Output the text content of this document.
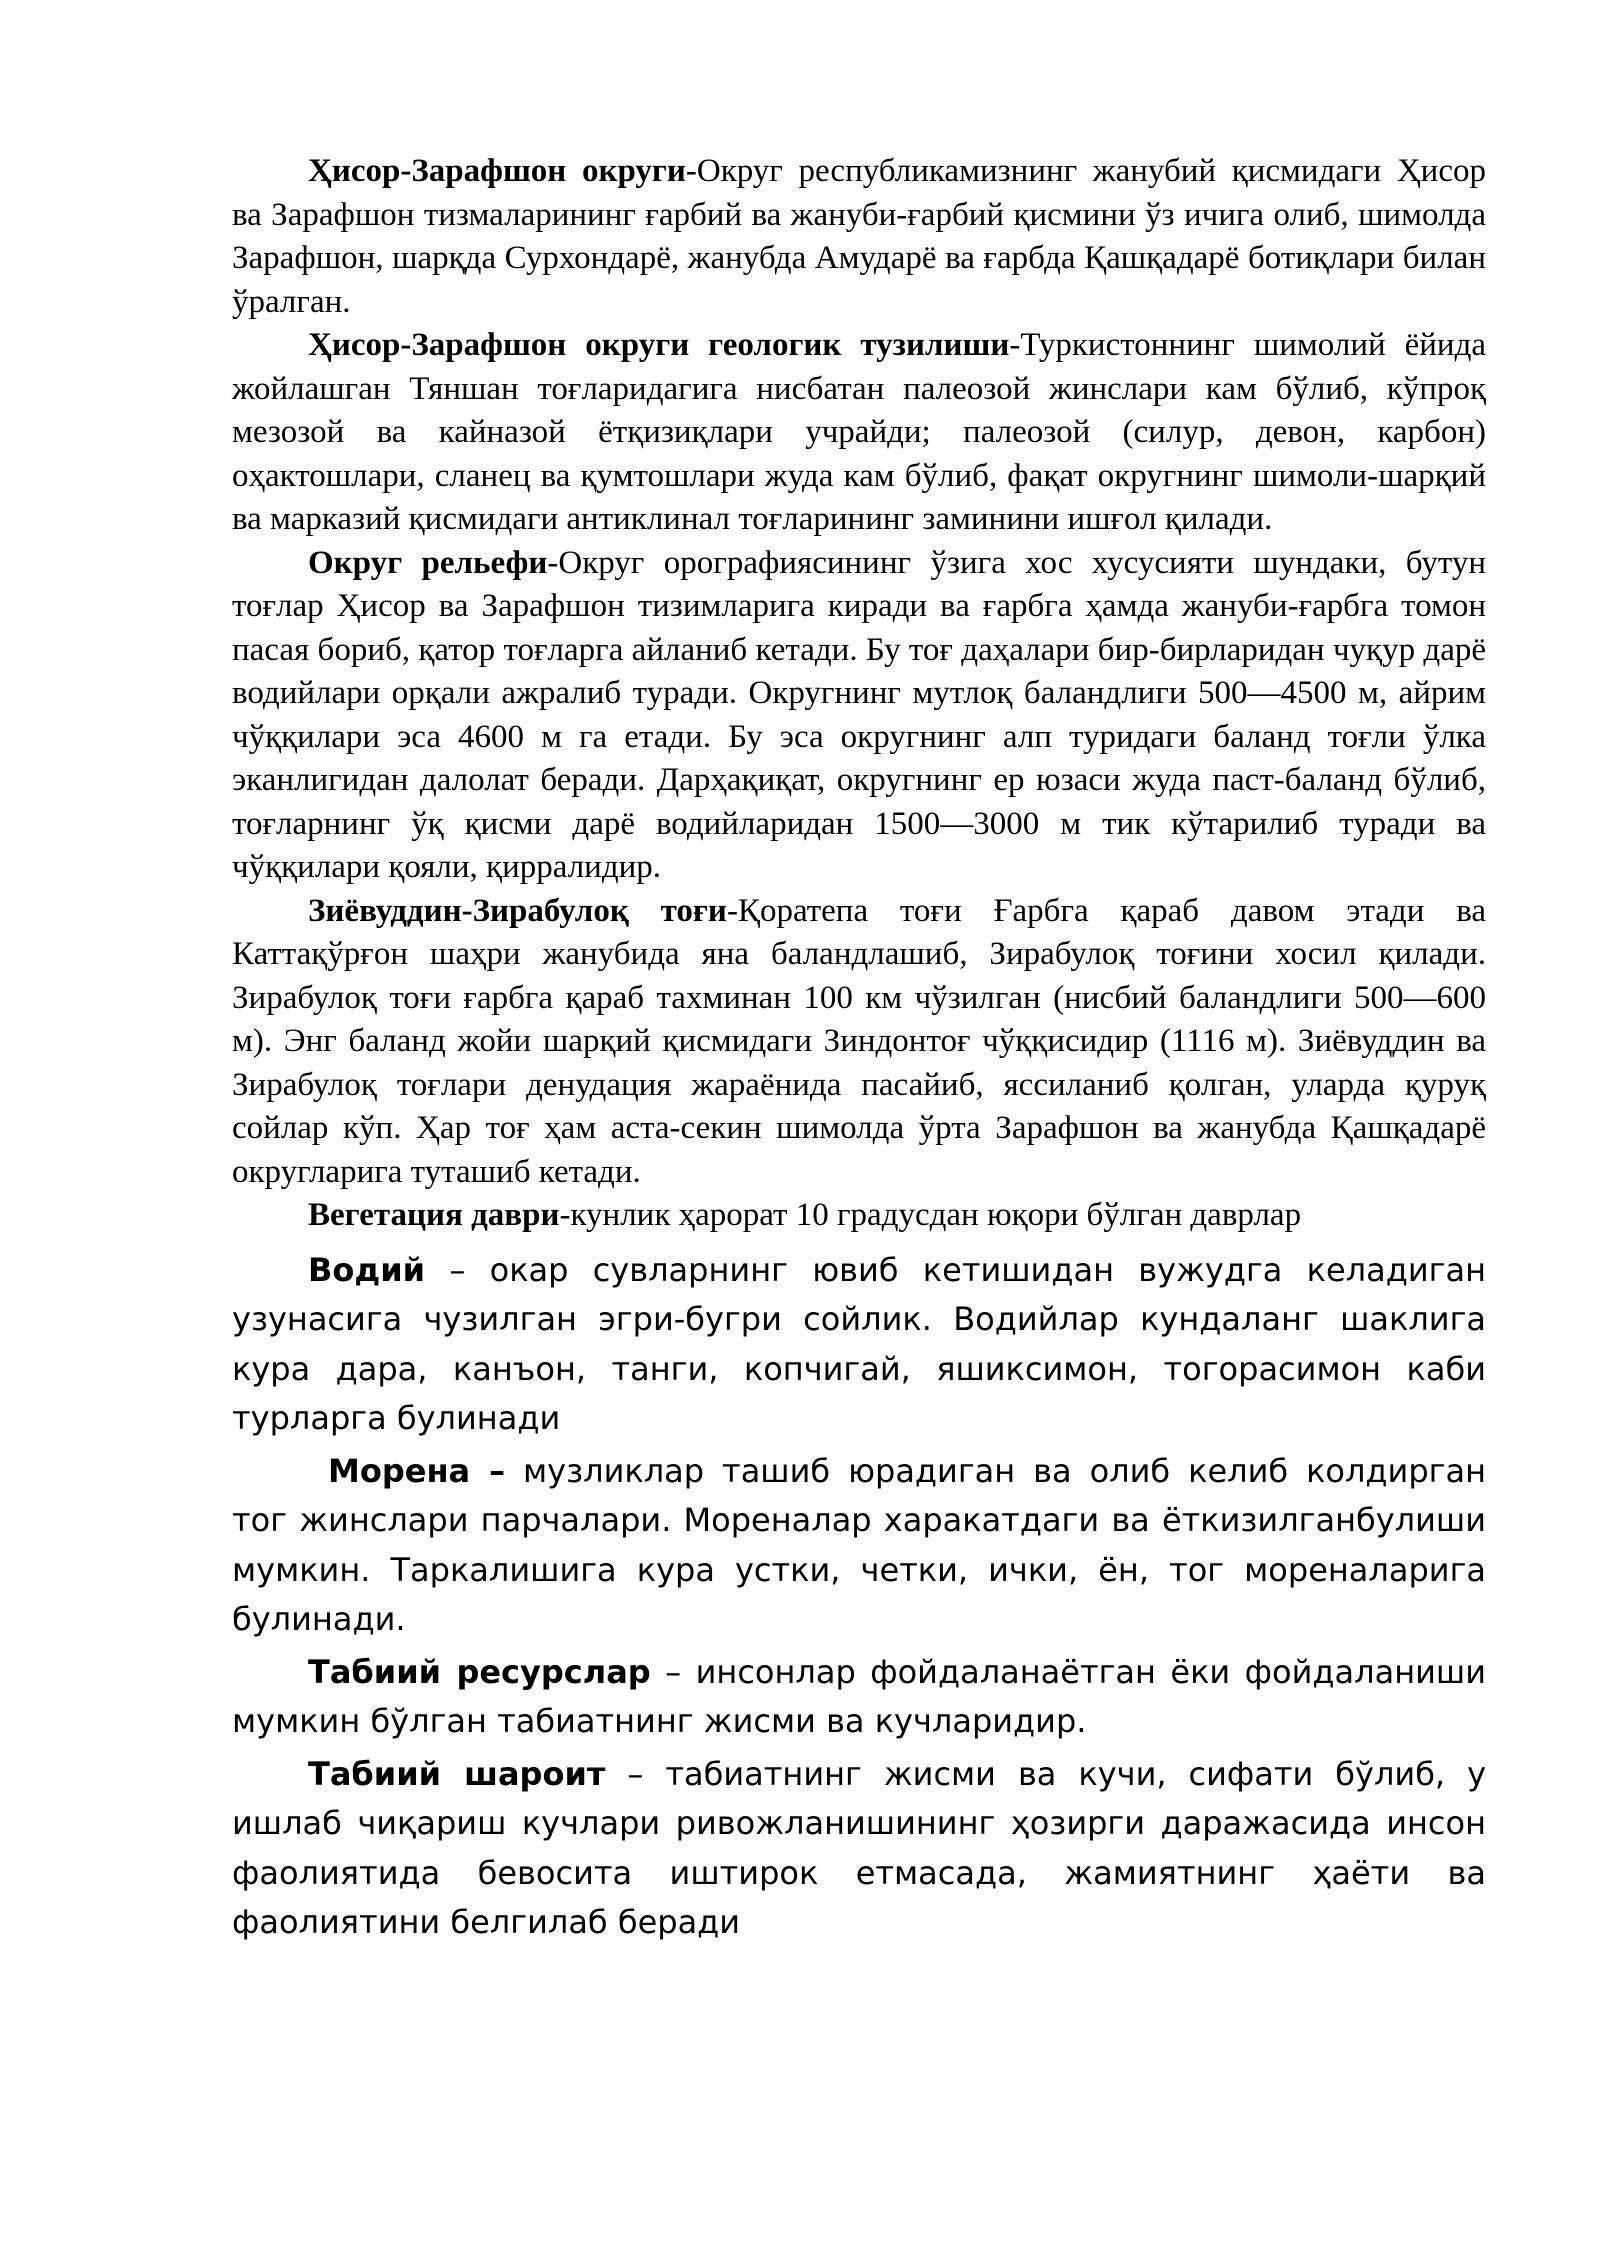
Ҳисор-Зарафшон округи-Округ республикамизнинг жанубий қисмидаги Ҳисор ва Зарафшон тизмаларининг ғарбий ва жануби-ғарбий қисмини ўз ичига олиб, шимолда Зарафшон, шарқда Сурхондарё, жанубда Амударё ва ғарбда Қашқадарё ботиқлари билан ўралган.

Ҳисор-Зарафшон округи геологик тузилиши-Туркистоннинг шимолий ёйида жойлашган Тяншан тоғларидагига нисбатан палеозой жинслари кам бўлиб, кўпроқ мезозой ва кайназой ётқизиқлари учрайди; палеозой (силур, девон, карбон) оҳактошлари, сланец ва қумтошлари жуда кам бўлиб, фақат округнинг шимоли-шарқий ва марказий қисмидаги антиклинал тоғларининг заминини ишғол қилади.

Округ рельефи-Округ орографиясининг ўзига хос хусусияти шундаки, бутун тоғлар Ҳисор ва Зарафшон тизимларига киради ва ғарбга ҳамда жануби-ғарбга томон пасая бориб, қатор тоғларга айланиб кетади. Бу тоғ даҳалари бир-бирларидан чуқур дарё водийлари орқали ажралиб туради. Округнинг мутлоқ баландлиги 500—4500 м, айрим чўққилари эса 4600 м га етади. Бу эса округнинг алп туридаги баланд тоғли ўлка эканлигидан далолат беради. Дарҳақиқат, округнинг ер юзаси жуда паст-баланд бўлиб, тоғларнинг ўқ қисми дарё водийларидан 1500—3000 м тик кўтарилиб туради ва чўққилари қояли, қирралидир.

Зиёвуддин-Зирабулоқ тоғи-Қоратепа тоғи Ғарбга қараб давом этади ва Каттақўрғон шаҳри жанубида яна баландлашиб, Зирабулоқ тоғини хосил қилади. Зирабулоқ тоғи ғарбга қараб тахминан 100 км чўзилган (нисбий баландлиги 500—600 м). Энг баланд жойи шарқий қисмидаги Зиндонтоғ чўққисидир (1116 м). Зиёвуддин ва Зирабулоқ тоғлари денудация жараёнида пасайиб, яссиланиб қолган, уларда қуруқ сойлар кўп. Ҳар тоғ ҳам аста-секин шимолда ўрта Зарафшон ва жанубда Қашқадарё округларига туташиб кетади.

Вегетация даври-кунлик ҳарорат 10 градусдан юқори бўлган даврлар

Водий – окар сувларнинг ювиб кетишидан вужудга келадиган узунасига чузилган эгри-бугри сойлик. Водийлар кундаланг шаклига кура дара, канъон, танги, копчигай, яшиксимон, тогорасимон каби турларга булинади

Морена – музликлар ташиб юрадиган ва олиб келиб колдирган тог жинслари парчалари. Мореналар харакатдаги ва ёткизилганбулиши мумкин. Таркалишига кура устки, четки, ички, ён, тог мореналарига булинади.

Табиий ресурслар – инсонлар фойдаланаётган ёки фойдаланиши мумкин бўлган табиатнинг жисми ва кучларидир.

Табиий шароит – табиатнинг жисми ва кучи, сифати бўлиб, у ишлаб чиқариш кучлари ривожланишининг ҳозирги даражасида инсон фаолиятида бевосита иштирок етмасада, жамиятнинг ҳаёти ва фаолиятини белгилаб беради
